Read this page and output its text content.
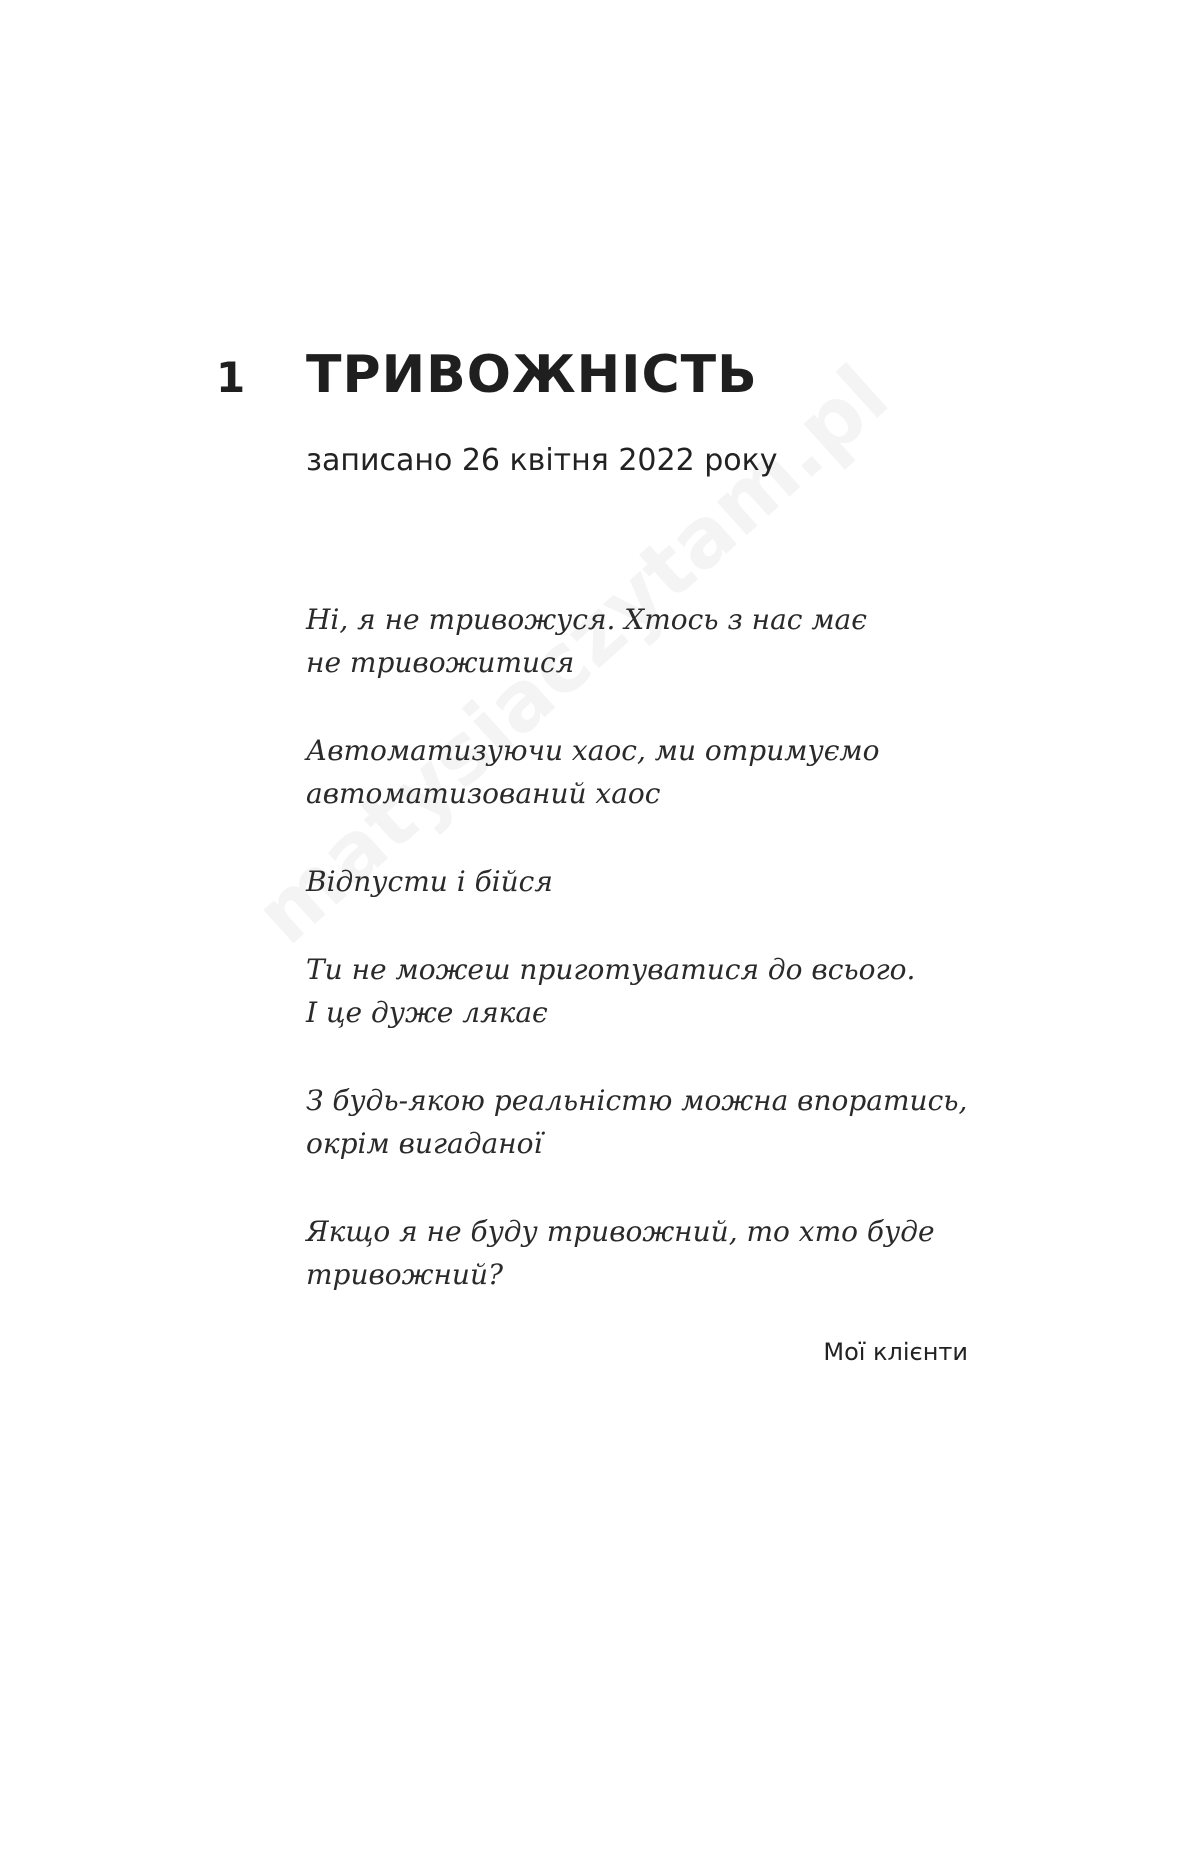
1	ТРИВОЖНІСТЬ
записано 26 квітня 2022 року

Ні, я не тривожуся. Хтось з нас має
не тривожитися

Автоматизуючи хаос, ми отримуємо
автоматизований хаос

Відпусти і бійся

Ти не можеш приготуватися до всього.
І це дуже лякає

З будь-якою реальністю можна впоратись,
окрім вигаданої

Якщо я не буду тривожний, то хто буде
тривожний?

Мої клієнти
